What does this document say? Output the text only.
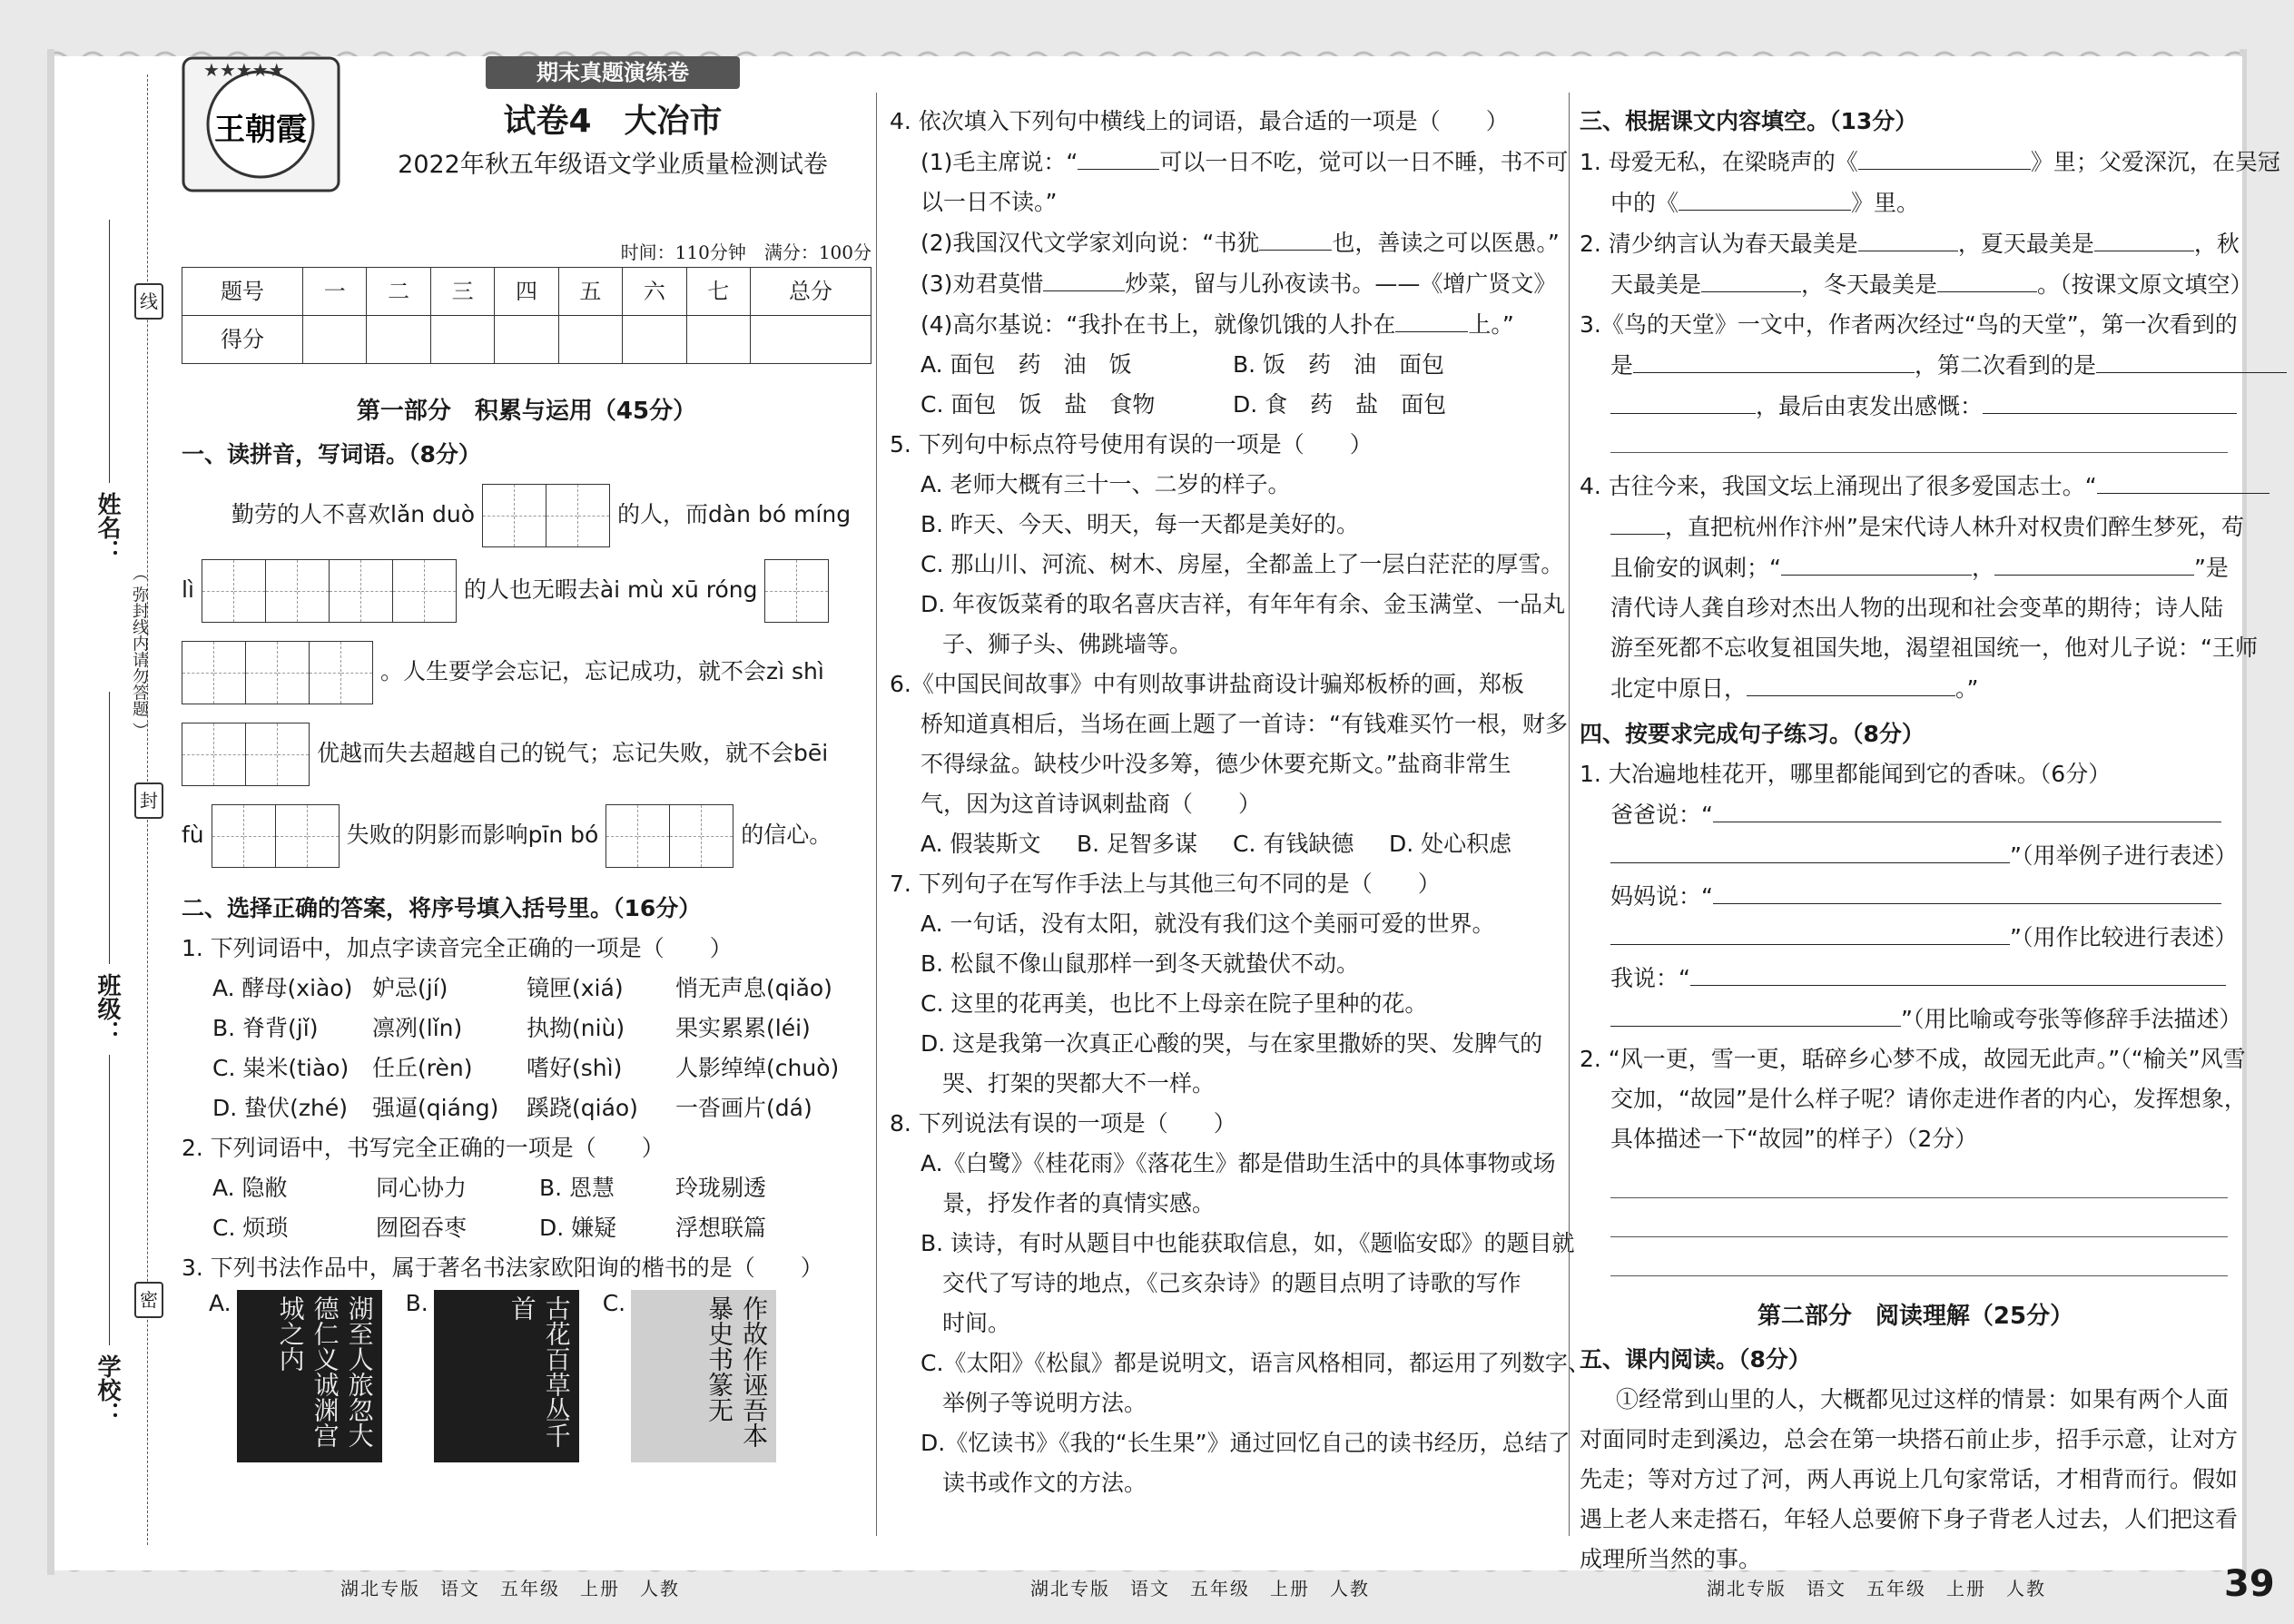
线
封
密
姓名：
（ 弥封线内请勿答题 ）
班级：
学校：
★★★★★
王朝霞
期末真题演练卷
试卷4　大冶市
2022年秋五年级语文学业质量检测试卷
时间：110分钟　满分：100分
题号	一	二	三	四	五	六	七	总分
得分								
第一部分　积累与运用（45分）
一、读拼音，写词语。（8分）
勤劳的人不喜欢lǎn duò	的人，而dàn bó míng
lì	的人也无暇去ài mù xū róng
。人生要学会忘记，忘记成功，就不会zì shì
优越而失去超越自己的锐气；忘记失败，就不会bēi
fù	失败的阴影而影响pīn bó	的信心。
二、选择正确的答案，将序号填入括号里。（16分）
1. 下列词语中，加点字读音完全正确的一项是（　　）
A. 酵母(xiào) 妒忌(jí)	镜匣(xiá)	悄无声息(qiǎo)
B. 脊背(jǐ)	凛冽(lǐn)	执拗(niù)	果实累累(léi)
C. 粜米(tiào)	任丘(rèn)	嗜好(shì)	人影绰绰(chuò)
D. 蛰伏(zhé)	强逼(qiáng)	蹊跷(qiáo)	一沓画片(dá)
2. 下列词语中，书写完全正确的一项是（　　）
A. 隐敝	同心协力	B. 恩慧	玲珑剔透
C. 烦琐	囫囵吞枣	D. 嫌疑	浮想联篇
3. 下列书法作品中，属于著名书法家欧阳询的楷书的是（　　）
A.	湖至人旅忽大德仁义诚渊宫城之内	B.	古花百草丛千首	C.	作故作诬吾本暴史书篆无
4. 依次填入下列句中横线上的词语，最合适的一项是（　　）
(1)毛主席说：“	可以一日不吃，觉可以一日不睡，书不可
以一日不读。”
(2)我国汉代文学家刘向说：“书犹	也，善读之可以医愚。”
(3)劝君莫惜	炒菜，留与儿孙夜读书。——《增广贤文》
(4)高尔基说：“我扑在书上，就像饥饿的人扑在	上。”
A. 面包　药　油　饭	B. 饭　药　油　面包
C. 面包　饭　盐　食物	D. 食　药　盐　面包
5. 下列句中标点符号使用有误的一项是（　　）
A. 老师大概有三十一、二岁的样子。
B. 昨天、今天、明天，每一天都是美好的。
C. 那山川、河流、树木、房屋，全都盖上了一层白茫茫的厚雪。
D. 年夜饭菜肴的取名喜庆吉祥，有年年有余、金玉满堂、一品丸
子、狮子头、佛跳墙等。
6.《中国民间故事》中有则故事讲盐商设计骗郑板桥的画，郑板
桥知道真相后，当场在画上题了一首诗：“有钱难买竹一根，财多
不得绿盆。缺枝少叶没多筹，德少休要充斯文。”盐商非常生
气，因为这首诗讽刺盐商（　　）
A. 假装斯文	B. 足智多谋	C. 有钱缺德	D. 处心积虑
7. 下列句子在写作手法上与其他三句不同的是（　　）
A. 一句话，没有太阳，就没有我们这个美丽可爱的世界。
B. 松鼠不像山鼠那样一到冬天就蛰伏不动。
C. 这里的花再美，也比不上母亲在院子里种的花。
D. 这是我第一次真正心酸的哭，与在家里撒娇的哭、发脾气的
哭、打架的哭都大不一样。
8. 下列说法有误的一项是（　　）
A.《白鹭》《桂花雨》《落花生》都是借助生活中的具体事物或场
景，抒发作者的真情实感。
B. 读诗，有时从题目中也能获取信息，如，《题临安邸》的题目就
交代了写诗的地点，《己亥杂诗》的题目点明了诗歌的写作
时间。
C.《太阳》《松鼠》都是说明文，语言风格相同，都运用了列数字、
举例子等说明方法。
D.《忆读书》《我的“长生果”》通过回忆自己的读书经历，总结了
读书或作文的方法。
三、根据课文内容填空。（13分）
1. 母爱无私，在梁晓声的《	》里；父爱深沉，在吴冠
中的《	》里。
2. 清少纳言认为春天最美是	，夏天最美是	，秋
天最美是	，冬天最美是	。（按课文原文填空）
3.《鸟的天堂》一文中，作者两次经过“鸟的天堂”，第一次看到的
是	，第二次看到的是
，最后由衷发出感慨：
4. 古往今来，我国文坛上涌现出了很多爱国志士。“
，直把杭州作汴州”是宋代诗人林升对权贵们醉生梦死，苟
且偷安的讽刺；“	，	”是
清代诗人龚自珍对杰出人物的出现和社会变革的期待；诗人陆
游至死都不忘收复祖国失地，渴望祖国统一，他对儿子说：“王师
北定中原日，	。”
四、按要求完成句子练习。（8分）
1. 大冶遍地桂花开，哪里都能闻到它的香味。（6分）
爸爸说：“
”（用举例子进行表述）
妈妈说：“
”（用作比较进行表述）
我说：“
”（用比喻或夸张等修辞手法描述）
2. “风一更，雪一更，聒碎乡心梦不成，故园无此声。”（“榆关”风雪
交加，“故园”是什么样子呢？请你走进作者的内心，发挥想象，
具体描述一下“故园”的样子）（2分）
第二部分　阅读理解（25分）
五、课内阅读。（8分）
①经常到山里的人，大概都见过这样的情景：如果有两个人面
对面同时走到溪边，总会在第一块搭石前止步，招手示意，让对方
先走；等对方过了河，两人再说上几句家常话，才相背而行。假如
遇上老人来走搭石，年轻人总要俯下身子背老人过去，人们把这看
成理所当然的事。
湖北专版　语文　五年级　上册　人教	湖北专版　语文　五年级　上册　人教	湖北专版　语文　五年级　上册　人教	39
